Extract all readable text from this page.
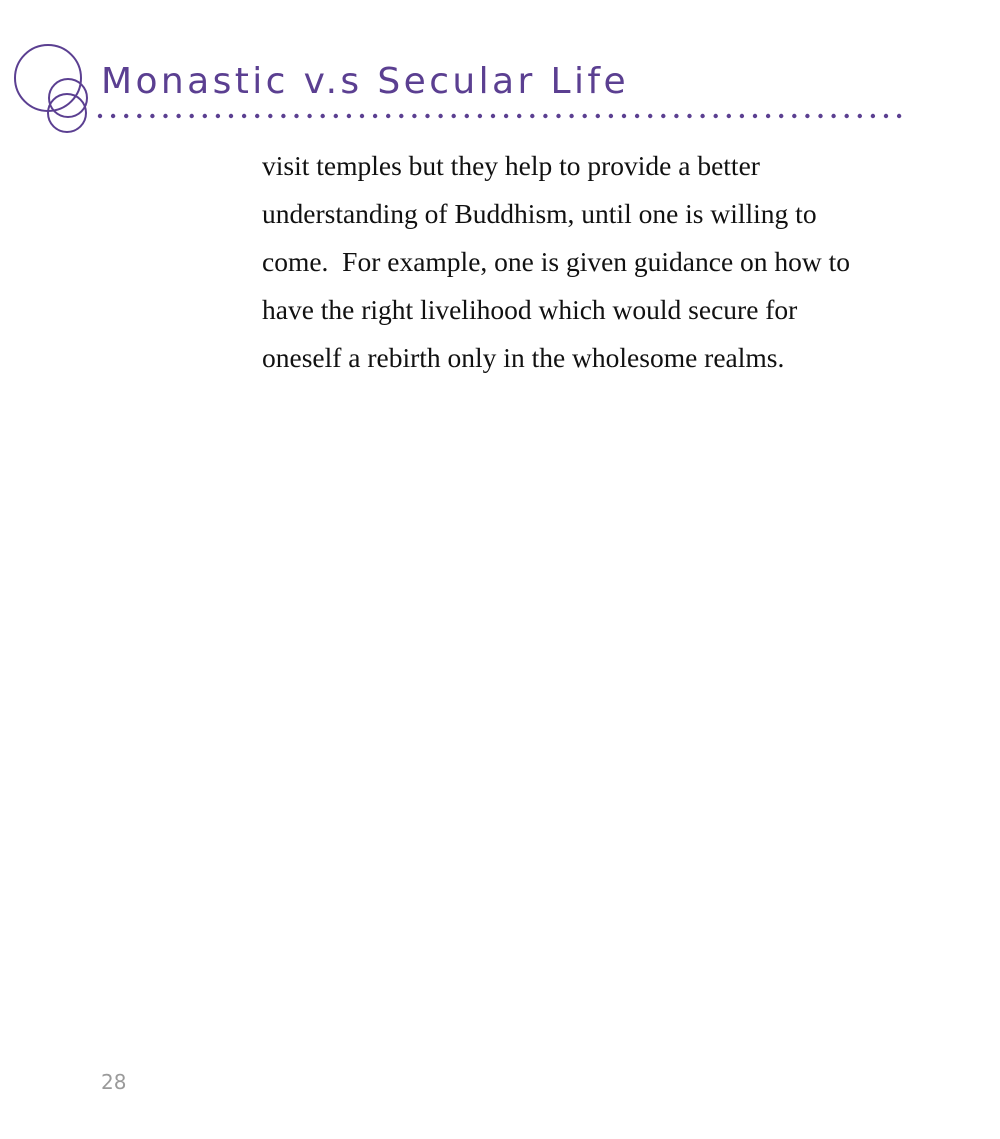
Monastic v.s Secular Life
visit temples but they help to provide a better
understanding of Buddhism, until one is willing to
come.  For example, one is given guidance on how to
have the right livelihood which would secure for
oneself a rebirth only in the wholesome realms.
28
